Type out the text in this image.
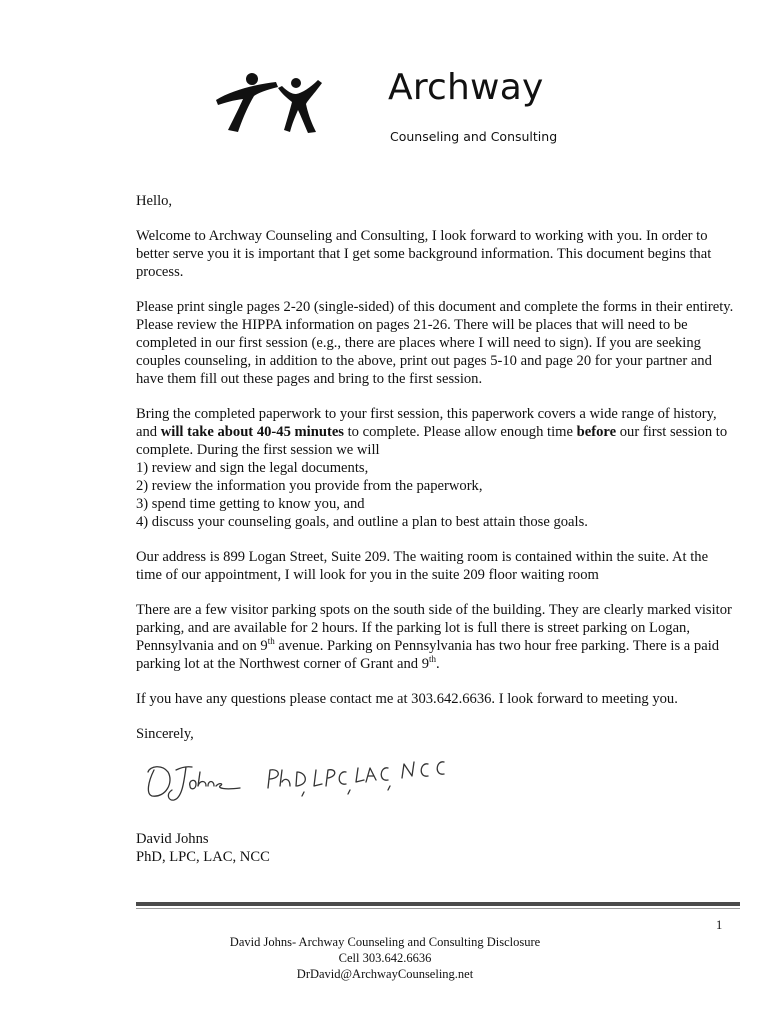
Archway
Counseling and Consulting

Hello,

Welcome to Archway Counseling and Consulting, I look forward to working with you. In order to better serve you it is important that I get some background information. This document begins that process.

Please print single pages 2-20 (single-sided) of this document and complete the forms in their entirety. Please review the HIPPA information on pages 21-26. There will be places that will need to be completed in our first session (e.g., there are places where I will need to sign). If you are seeking couples counseling, in addition to the above, print out pages 5-10 and page 20 for your partner and have them fill out these pages and bring to the first session.

Bring the completed paperwork to your first session, this paperwork covers a wide range of history, and will take about 40-45 minutes to complete. Please allow enough time before our first session to complete. During the first session we will
1) review and sign the legal documents,
2) review the information you provide from the paperwork,
3) spend time getting to know you, and
4) discuss your counseling goals, and outline a plan to best attain those goals.

Our address is 899 Logan Street, Suite 209. The waiting room is contained within the suite. At the time of our appointment, I will look for you in the suite 209 floor waiting room

There are a few visitor parking spots on the south side of the building. They are clearly marked visitor parking, and are available for 2 hours. If the parking lot is full there is street parking on Logan, Pennsylvania and on 9th avenue. Parking on Pennsylvania has two hour free parking. There is a paid parking lot at the Northwest corner of Grant and 9th.

If you have any questions please contact me at 303.642.6636. I look forward to meeting you.

Sincerely,

David Johns
PhD, LPC, LAC, NCC
1
David Johns- Archway Counseling and Consulting Disclosure
Cell 303.642.6636
DrDavid@ArchwayCounseling.net
